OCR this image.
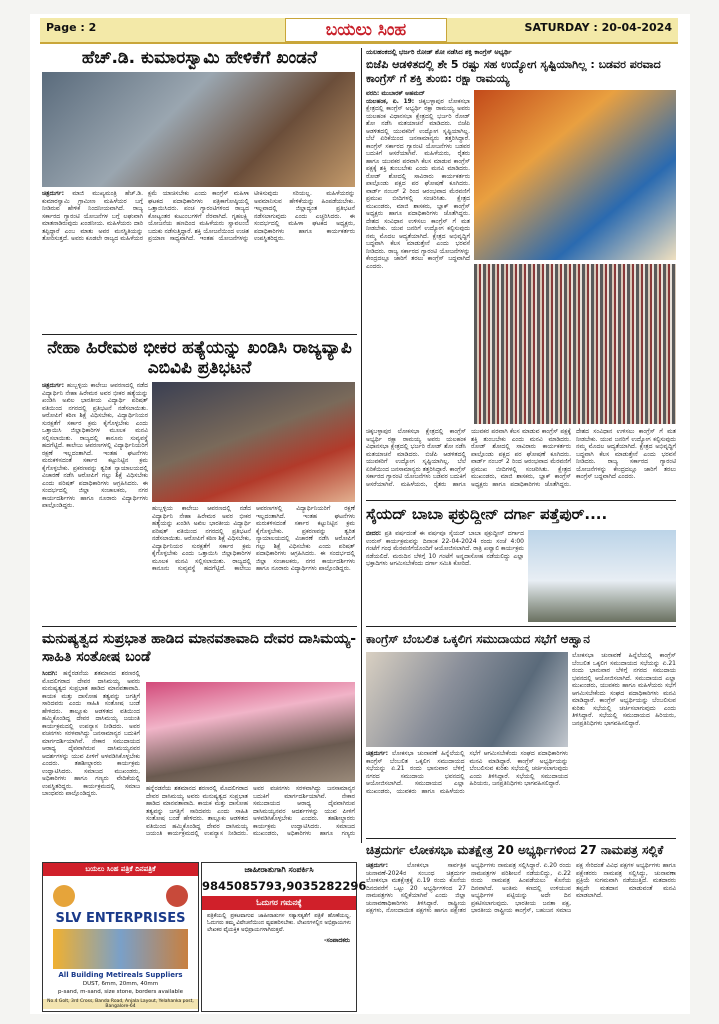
Page : 2	ಬಯಲು ಸಿಂಹ	SATURDAY : 20-04-2024
ಹೆಚ್.ಡಿ. ಕುಮಾರಸ್ವಾಮಿ ಹೇಳಿಕೆಗೆ ಖಂಡನೆ
ಚಿತ್ರದುರ್ಗ: ಮಾಜಿ ಮುಖ್ಯಮಂತ್ರಿ ಹೆಚ್.ಡಿ. ಕುಮಾರಸ್ವಾಮಿ ಗ್ರಾಮೀಣ ಮಹಿಳೆಯರ ಬಗ್ಗೆ ನೀಡಿರುವ ಹೇಳಿಕೆ ನಿಂದನೀಯವಾಗಿದೆ. ರಾಜ್ಯ ಸರ್ಕಾರದ ಗ್ಯಾರಂಟಿ ಯೋಜನೆಗಳ ಬಗ್ಗೆ ಲಘುವಾಗಿ ಮಾತನಾಡಿರುವುದು ಖಂಡನೀಯ. ಮಹಿಳೆಯರು ದಾರಿ ತಪ್ಪಿದ್ದಾರೆ ಎಂಬ ಮಾತು ಅವರ ಮನಸ್ಥಿತಿಯನ್ನು ತೋರಿಸುತ್ತದೆ. ಅವರು ಕೂಡಲೇ ರಾಜ್ಯದ ಮಹಿಳೆಯರ ಕ್ಷಮೆ ಯಾಚಿಸಬೇಕು ಎಂದು ಕಾಂಗ್ರೆಸ್ ಮಹಿಳಾ ಘಟಕದ ಪದಾಧಿಕಾರಿಗಳು ಪತ್ರಿಕಾಗೋಷ್ಠಿಯಲ್ಲಿ ಒತ್ತಾಯಿಸಿದರು. ಪಂಚ ಗ್ಯಾರಂಟಿಗಳಿಂದ ರಾಜ್ಯದ ಕೋಟ್ಯಂತರ ಕುಟುಂಬಗಳಿಗೆ ನೆರವಾಗಿದೆ. ಗೃಹಲಕ್ಷ್ಮಿ ಯೋಜನೆಯ ಹಣದಿಂದ ಮಹಿಳೆಯರು ಸ್ವಾವಲಂಬಿ ಬದುಕು ನಡೆಸುತ್ತಿದ್ದಾರೆ. ಶಕ್ತಿ ಯೋಜನೆಯಿಂದ ಉಚಿತ ಪ್ರಯಾಣ ಸಾಧ್ಯವಾಗಿದೆ. ಇಂತಹ ಯೋಜನೆಗಳನ್ನು ಟೀಕಿಸುವುದು ಸರಿಯಲ್ಲ. ಮಹಿಳೆಯರನ್ನು ಅವಮಾನಿಸುವ ಹೇಳಿಕೆಯನ್ನು ಹಿಂಪಡೆಯಬೇಕು. ಇಲ್ಲವಾದಲ್ಲಿ ಜಿಲ್ಲಾದ್ಯಂತ ಪ್ರತಿಭಟನೆ ನಡೆಸಲಾಗುವುದು ಎಂದು ಎಚ್ಚರಿಸಿದರು. ಈ ಸಂದರ್ಭದಲ್ಲಿ ಮಹಿಳಾ ಘಟಕದ ಅಧ್ಯಕ್ಷರು, ಪದಾಧಿಕಾರಿಗಳು ಹಾಗೂ ಕಾರ್ಯಕರ್ತರು ಉಪಸ್ಥಿತರಿದ್ದರು.
ನೇಹಾ ಹಿರೇಮಠ ಭೀಕರ ಹತ್ಯೆಯನ್ನು ಖಂಡಿಸಿ ರಾಜ್ಯವ್ಯಾಪಿ ಎಬಿವಿಪಿ ಪ್ರತಿಭಟನೆ
ಚಿತ್ರದುರ್ಗ: ಹುಬ್ಬಳ್ಳಿಯ ಕಾಲೇಜು ಆವರಣದಲ್ಲಿ ನಡೆದ ವಿದ್ಯಾರ್ಥಿನಿ ನೇಹಾ ಹಿರೇಮಠ ಅವರ ಭೀಕರ ಹತ್ಯೆಯನ್ನು ಖಂಡಿಸಿ ಅಖಿಲ ಭಾರತೀಯ ವಿದ್ಯಾರ್ಥಿ ಪರಿಷತ್ ವತಿಯಿಂದ ನಗರದಲ್ಲಿ ಪ್ರತಿಭಟನೆ ನಡೆಸಲಾಯಿತು. ಆರೋಪಿಗೆ ಕಠಿಣ ಶಿಕ್ಷೆ ವಿಧಿಸಬೇಕು, ವಿದ್ಯಾರ್ಥಿನಿಯರ ಸುರಕ್ಷತೆಗೆ ಸರ್ಕಾರ ಕ್ರಮ ಕೈಗೊಳ್ಳಬೇಕು ಎಂದು ಒತ್ತಾಯಿಸಿ ಜಿಲ್ಲಾಧಿಕಾರಿಗಳ ಮೂಲಕ ಮನವಿ ಸಲ್ಲಿಸಲಾಯಿತು. ರಾಜ್ಯದಲ್ಲಿ ಕಾನೂನು ಸುವ್ಯವಸ್ಥೆ ಹದಗೆಟ್ಟಿದೆ. ಕಾಲೇಜು ಆವರಣಗಳಲ್ಲಿ ವಿದ್ಯಾರ್ಥಿನಿಯರಿಗೆ ರಕ್ಷಣೆ ಇಲ್ಲದಂತಾಗಿದೆ. ಇಂತಹ ಘಟನೆಗಳು ಮರುಕಳಿಸದಂತೆ ಸರ್ಕಾರ ಕಟ್ಟುನಿಟ್ಟಿನ ಕ್ರಮ ಕೈಗೊಳ್ಳಬೇಕು. ಪ್ರಕರಣವನ್ನು ತ್ವರಿತ ನ್ಯಾಯಾಲಯದಲ್ಲಿ ವಿಚಾರಣೆ ನಡೆಸಿ ಆರೋಪಿಗೆ ಗಲ್ಲು ಶಿಕ್ಷೆ ವಿಧಿಸಬೇಕು ಎಂದು ಪರಿಷತ್ ಪದಾಧಿಕಾರಿಗಳು ಆಗ್ರಹಿಸಿದರು. ಈ ಸಂದರ್ಭದಲ್ಲಿ ಜಿಲ್ಲಾ ಸಂಚಾಲಕರು, ನಗರ ಕಾರ್ಯದರ್ಶಿಗಳು ಹಾಗೂ ನೂರಾರು ವಿದ್ಯಾರ್ಥಿಗಳು ಪಾಲ್ಗೊಂಡಿದ್ದರು.	ಹುಬ್ಬಳ್ಳಿಯ ಕಾಲೇಜು ಆವರಣದಲ್ಲಿ ನಡೆದ ವಿದ್ಯಾರ್ಥಿನಿ ನೇಹಾ ಹಿರೇಮಠ ಅವರ ಭೀಕರ ಹತ್ಯೆಯನ್ನು ಖಂಡಿಸಿ ಅಖಿಲ ಭಾರತೀಯ ವಿದ್ಯಾರ್ಥಿ ಪರಿಷತ್ ವತಿಯಿಂದ ನಗರದಲ್ಲಿ ಪ್ರತಿಭಟನೆ ನಡೆಸಲಾಯಿತು. ಆರೋಪಿಗೆ ಕಠಿಣ ಶಿಕ್ಷೆ ವಿಧಿಸಬೇಕು, ವಿದ್ಯಾರ್ಥಿನಿಯರ ಸುರಕ್ಷತೆಗೆ ಸರ್ಕಾರ ಕ್ರಮ ಕೈಗೊಳ್ಳಬೇಕು ಎಂದು ಒತ್ತಾಯಿಸಿ ಜಿಲ್ಲಾಧಿಕಾರಿಗಳ ಮೂಲಕ ಮನವಿ ಸಲ್ಲಿಸಲಾಯಿತು. ರಾಜ್ಯದಲ್ಲಿ ಕಾನೂನು ಸುವ್ಯವಸ್ಥೆ ಹದಗೆಟ್ಟಿದೆ. ಕಾಲೇಜು ಆವರಣಗಳಲ್ಲಿ ವಿದ್ಯಾರ್ಥಿನಿಯರಿಗೆ ರಕ್ಷಣೆ ಇಲ್ಲದಂತಾಗಿದೆ. ಇಂತಹ ಘಟನೆಗಳು ಮರುಕಳಿಸದಂತೆ ಸರ್ಕಾರ ಕಟ್ಟುನಿಟ್ಟಿನ ಕ್ರಮ ಕೈಗೊಳ್ಳಬೇಕು. ಪ್ರಕರಣವನ್ನು ತ್ವರಿತ ನ್ಯಾಯಾಲಯದಲ್ಲಿ ವಿಚಾರಣೆ ನಡೆಸಿ ಆರೋಪಿಗೆ ಗಲ್ಲು ಶಿಕ್ಷೆ ವಿಧಿಸಬೇಕು ಎಂದು ಪರಿಷತ್ ಪದಾಧಿಕಾರಿಗಳು ಆಗ್ರಹಿಸಿದರು. ಈ ಸಂದರ್ಭದಲ್ಲಿ ಜಿಲ್ಲಾ ಸಂಚಾಲಕರು, ನಗರ ಕಾರ್ಯದರ್ಶಿಗಳು ಹಾಗೂ ನೂರಾರು ವಿದ್ಯಾರ್ಥಿಗಳು ಪಾಲ್ಗೊಂಡಿದ್ದರು.
ಮನುಷ್ಯತ್ವದ ಸುಪ್ರಭಾತ ಹಾಡಿದ ಮಾನವತಾವಾದಿ ದೇವರ ದಾಸಿಮಯ್ಯ-ಸಾಹಿತಿ ಸಂತೋಷ ಬಂಡೆ
ಸಿಂದಗಿ: ಹನ್ನೆರಡನೆಯ ಶತಮಾನದ ಶರಣರಲ್ಲಿ ಮೊದಲಿಗರಾದ ದೇವರ ದಾಸಿಮಯ್ಯ ಅವರು ಮನುಷ್ಯತ್ವದ ಸುಪ್ರಭಾತ ಹಾಡಿದ ಮಾನವತಾವಾದಿ. ಕಾಯಕ ಮತ್ತು ದಾಸೋಹ ತತ್ವವನ್ನು ಜಗತ್ತಿಗೆ ಸಾರಿದವರು ಎಂದು ಸಾಹಿತಿ ಸಂತೋಷ ಬಂಡೆ ಹೇಳಿದರು. ತಾಲ್ಲೂಕು ಆಡಳಿತದ ವತಿಯಿಂದ ಹಮ್ಮಿಕೊಂಡಿದ್ದ ದೇವರ ದಾಸಿಮಯ್ಯ ಜಯಂತಿ ಕಾರ್ಯಕ್ರಮದಲ್ಲಿ ಉಪನ್ಯಾಸ ನೀಡಿದರು. ಅವರ ವಚನಗಳು ಸರಳವಾಗಿದ್ದು ಜನಸಾಮಾನ್ಯರ ಬದುಕಿಗೆ ಮಾರ್ಗದರ್ಶಿಯಾಗಿವೆ. ನೇಕಾರ ಸಮುದಾಯದ ಆರಾಧ್ಯ ದೈವವಾಗಿರುವ ದಾಸಿಮಯ್ಯನವರ ಆದರ್ಶಗಳನ್ನು ಯುವ ಪೀಳಿಗೆ ಅಳವಡಿಸಿಕೊಳ್ಳಬೇಕು ಎಂದರು. ತಹಶೀಲ್ದಾರರು ಕಾರ್ಯಕ್ರಮ ಉದ್ಘಾಟಿಸಿದರು. ಸಮಾಜದ ಮುಖಂಡರು, ಅಧಿಕಾರಿಗಳು ಹಾಗೂ ಗಣ್ಯರು ವೇದಿಕೆಯಲ್ಲಿ ಉಪಸ್ಥಿತರಿದ್ದರು. ಕಾರ್ಯಕ್ರಮದಲ್ಲಿ ಸಮಾಜ ಬಾಂಧವರು ಪಾಲ್ಗೊಂಡಿದ್ದರು.
ಹನ್ನೆರಡನೆಯ ಶತಮಾನದ ಶರಣರಲ್ಲಿ ಮೊದಲಿಗರಾದ ದೇವರ ದಾಸಿಮಯ್ಯ ಅವರು ಮನುಷ್ಯತ್ವದ ಸುಪ್ರಭಾತ ಹಾಡಿದ ಮಾನವತಾವಾದಿ. ಕಾಯಕ ಮತ್ತು ದಾಸೋಹ ತತ್ವವನ್ನು ಜಗತ್ತಿಗೆ ಸಾರಿದವರು ಎಂದು ಸಾಹಿತಿ ಸಂತೋಷ ಬಂಡೆ ಹೇಳಿದರು. ತಾಲ್ಲೂಕು ಆಡಳಿತದ ವತಿಯಿಂದ ಹಮ್ಮಿಕೊಂಡಿದ್ದ ದೇವರ ದಾಸಿಮಯ್ಯ ಜಯಂತಿ ಕಾರ್ಯಕ್ರಮದಲ್ಲಿ ಉಪನ್ಯಾಸ ನೀಡಿದರು. ಅವರ ವಚನಗಳು ಸರಳವಾಗಿದ್ದು ಜನಸಾಮಾನ್ಯರ ಬದುಕಿಗೆ ಮಾರ್ಗದರ್ಶಿಯಾಗಿವೆ. ನೇಕಾರ ಸಮುದಾಯದ ಆರಾಧ್ಯ ದೈವವಾಗಿರುವ ದಾಸಿಮಯ್ಯನವರ ಆದರ್ಶಗಳನ್ನು ಯುವ ಪೀಳಿಗೆ ಅಳವಡಿಸಿಕೊಳ್ಳಬೇಕು ಎಂದರು. ತಹಶೀಲ್ದಾರರು ಕಾರ್ಯಕ್ರಮ ಉದ್ಘಾಟಿಸಿದರು. ಸಮಾಜದ ಮುಖಂಡರು, ಅಧಿಕಾರಿಗಳು ಹಾಗೂ ಗಣ್ಯರು
ಯಲಹಂಕದಲ್ಲಿ ಭರ್ಜರಿ ರೋಡ್ ಶೋ ನಡೆಸಿದ ಶಕ್ತಿ ಕಾಂಗ್ರೆಸ್ ಅಭ್ಯರ್ಥಿ
ಬಿಜೆಪಿ ಆಡಳಿತದಲ್ಲಿ ಶೇ 5 ರಷ್ಟು ಸಹ ಉದ್ಯೋಗ ಸೃಷ್ಟಿಯಾಗಿಲ್ಲ : ಬಡವರ ಪರವಾದ ಕಾಂಗ್ರೆಸ್ ಗೆ ಶಕ್ತಿ ತುಂಬಿ: ರಕ್ಷಾ ರಾಮಯ್ಯ
ವರದಿ: ಮುಬಾರಕ್ ಅಹಮದ್
ಯಲಹಂಕ, ಏ. 19: ಚಿಕ್ಕಬಳ್ಳಾಪುರ ಲೋಕಸಭಾ ಕ್ಷೇತ್ರದಲ್ಲಿ ಕಾಂಗ್ರೆಸ್ ಅಭ್ಯರ್ಥಿ ರಕ್ಷಾ ರಾಮಯ್ಯ ಅವರು ಯಲಹಂಕ ವಿಧಾನಸಭಾ ಕ್ಷೇತ್ರದಲ್ಲಿ ಭರ್ಜರಿ ರೋಡ್ ಶೋ ನಡೆಸಿ ಮತಯಾಚನೆ ಮಾಡಿದರು. ಬಿಜೆಪಿ ಆಡಳಿತದಲ್ಲಿ ಯುವಕರಿಗೆ ಉದ್ಯೋಗ ಸೃಷ್ಟಿಯಾಗಿಲ್ಲ. ಬೆಲೆ ಏರಿಕೆಯಿಂದ ಜನಸಾಮಾನ್ಯರು ತತ್ತರಿಸಿದ್ದಾರೆ. ಕಾಂಗ್ರೆಸ್ ಸರ್ಕಾರದ ಗ್ಯಾರಂಟಿ ಯೋಜನೆಗಳು ಬಡವರ ಬದುಕಿಗೆ ಆಸರೆಯಾಗಿವೆ. ಮಹಿಳೆಯರು, ರೈತರು ಹಾಗೂ ಯುವಕರ ಪರವಾಗಿ ಕೆಲಸ ಮಾಡುವ ಕಾಂಗ್ರೆಸ್ ಪಕ್ಷಕ್ಕೆ ಶಕ್ತಿ ತುಂಬಬೇಕು ಎಂದು ಮನವಿ ಮಾಡಿದರು. ರೋಡ್ ಶೋದಲ್ಲಿ ಸಾವಿರಾರು ಕಾರ್ಯಕರ್ತರು ಪಾಲ್ಗೊಂಡು ಪಕ್ಷದ ಪರ ಘೋಷಣೆ ಕೂಗಿದರು. ವಾರ್ಡ್ ನಂಬರ್ 2 ರಿಂದ ಆರಂಭವಾದ ಮೆರವಣಿಗೆ ಪ್ರಮುಖ ಬೀದಿಗಳಲ್ಲಿ ಸಂಚರಿಸಿತು. ಕ್ಷೇತ್ರದ ಮುಖಂಡರು, ಮಾಜಿ ಶಾಸಕರು, ಬ್ಲಾಕ್ ಕಾಂಗ್ರೆಸ್ ಅಧ್ಯಕ್ಷರು ಹಾಗೂ ಪದಾಧಿಕಾರಿಗಳು ಜೊತೆಗಿದ್ದರು. ದೇಶದ ಸಂವಿಧಾನ ಉಳಿಸಲು ಕಾಂಗ್ರೆಸ್ ಗೆ ಮತ ನೀಡಬೇಕು. ಯುವ ಜನರಿಗೆ ಉದ್ಯೋಗ ಕಲ್ಪಿಸುವುದು ನಮ್ಮ ಮೊದಲ ಆದ್ಯತೆಯಾಗಿದೆ. ಕ್ಷೇತ್ರದ ಅಭಿವೃದ್ಧಿಗೆ ಬದ್ಧವಾಗಿ ಕೆಲಸ ಮಾಡುತ್ತೇನೆ ಎಂದು ಭರವಸೆ ನೀಡಿದರು. ರಾಜ್ಯ ಸರ್ಕಾರದ ಗ್ಯಾರಂಟಿ ಯೋಜನೆಗಳನ್ನು ಕೇಂದ್ರದಲ್ಲೂ ಜಾರಿಗೆ ತರಲು ಕಾಂಗ್ರೆಸ್ ಬದ್ಧವಾಗಿದೆ ಎಂದರು.
ಚಿಕ್ಕಬಳ್ಳಾಪುರ ಲೋಕಸಭಾ ಕ್ಷೇತ್ರದಲ್ಲಿ ಕಾಂಗ್ರೆಸ್ ಅಭ್ಯರ್ಥಿ ರಕ್ಷಾ ರಾಮಯ್ಯ ಅವರು ಯಲಹಂಕ ವಿಧಾನಸಭಾ ಕ್ಷೇತ್ರದಲ್ಲಿ ಭರ್ಜರಿ ರೋಡ್ ಶೋ ನಡೆಸಿ ಮತಯಾಚನೆ ಮಾಡಿದರು. ಬಿಜೆಪಿ ಆಡಳಿತದಲ್ಲಿ ಯುವಕರಿಗೆ ಉದ್ಯೋಗ ಸೃಷ್ಟಿಯಾಗಿಲ್ಲ. ಬೆಲೆ ಏರಿಕೆಯಿಂದ ಜನಸಾಮಾನ್ಯರು ತತ್ತರಿಸಿದ್ದಾರೆ. ಕಾಂಗ್ರೆಸ್ ಸರ್ಕಾರದ ಗ್ಯಾರಂಟಿ ಯೋಜನೆಗಳು ಬಡವರ ಬದುಕಿಗೆ ಆಸರೆಯಾಗಿವೆ. ಮಹಿಳೆಯರು, ರೈತರು ಹಾಗೂ ಯುವಕರ ಪರವಾಗಿ ಕೆಲಸ ಮಾಡುವ ಕಾಂಗ್ರೆಸ್ ಪಕ್ಷಕ್ಕೆ ಶಕ್ತಿ ತುಂಬಬೇಕು ಎಂದು ಮನವಿ ಮಾಡಿದರು. ರೋಡ್ ಶೋದಲ್ಲಿ ಸಾವಿರಾರು ಕಾರ್ಯಕರ್ತರು ಪಾಲ್ಗೊಂಡು ಪಕ್ಷದ ಪರ ಘೋಷಣೆ ಕೂಗಿದರು. ವಾರ್ಡ್ ನಂಬರ್ 2 ರಿಂದ ಆರಂಭವಾದ ಮೆರವಣಿಗೆ ಪ್ರಮುಖ ಬೀದಿಗಳಲ್ಲಿ ಸಂಚರಿಸಿತು. ಕ್ಷೇತ್ರದ ಮುಖಂಡರು, ಮಾಜಿ ಶಾಸಕರು, ಬ್ಲಾಕ್ ಕಾಂಗ್ರೆಸ್ ಅಧ್ಯಕ್ಷರು ಹಾಗೂ ಪದಾಧಿಕಾರಿಗಳು ಜೊತೆಗಿದ್ದರು. ದೇಶದ ಸಂವಿಧಾನ ಉಳಿಸಲು ಕಾಂಗ್ರೆಸ್ ಗೆ ಮತ ನೀಡಬೇಕು. ಯುವ ಜನರಿಗೆ ಉದ್ಯೋಗ ಕಲ್ಪಿಸುವುದು ನಮ್ಮ ಮೊದಲ ಆದ್ಯತೆಯಾಗಿದೆ. ಕ್ಷೇತ್ರದ ಅಭಿವೃದ್ಧಿಗೆ ಬದ್ಧವಾಗಿ ಕೆಲಸ ಮಾಡುತ್ತೇನೆ ಎಂದು ಭರವಸೆ ನೀಡಿದರು. ರಾಜ್ಯ ಸರ್ಕಾರದ ಗ್ಯಾರಂಟಿ ಯೋಜನೆಗಳನ್ನು ಕೇಂದ್ರದಲ್ಲೂ ಜಾರಿಗೆ ತರಲು ಕಾಂಗ್ರೆಸ್ ಬದ್ಧವಾಗಿದೆ ಎಂದರು.
ಸೈಯದ್ ಬಾಬಾ ಫಕ್ರುದ್ದೀನ್ ದರ್ಗಾ ಪತ್ತೆಪುರ್....
ಬೀದರ: ಪ್ರತಿ ವರ್ಷದಂತೆ ಈ ವರ್ಷವೂ ಸೈಯದ್ ಬಾಬಾ ಫಕ್ರುದ್ದೀನ್ ದರ್ಗಾದ ಉರುಸ್ ಕಾರ್ಯಕ್ರಮವನ್ನು ದಿನಾಂಕ 22-04-2024 ರಂದು ಸಂಜೆ 4:00 ಗಂಟೆಗೆ ಗಂಧ ಮೆರವಣಿಗೆಯೊಂದಿಗೆ ಆಯೋಜಿಸಲಾಗಿದೆ. ರಾತ್ರಿ ಖವ್ವಾಲಿ ಕಾರ್ಯಕ್ರಮ ನಡೆಯಲಿದೆ. ಮರುದಿನ ಬೆಳಿಗ್ಗೆ 10 ಗಂಟೆಗೆ ಅನ್ನದಾಸೋಹ ನಡೆಯಲಿದ್ದು ಎಲ್ಲಾ ಭಕ್ತಾದಿಗಳು ಆಗಮಿಸಬೇಕೆಂದು ದರ್ಗಾ ಸಮಿತಿ ಕೋರಿದೆ.
ಕಾಂಗ್ರೆಸ್ ಬೆಂಬಲಿತ ಒಕ್ಕಲಿಗ ಸಮುದಾಯದ ಸಭೆಗೆ ಆಹ್ವಾನ
ಲೋಕಸಭಾ ಚುನಾವಣೆ ಹಿನ್ನೆಲೆಯಲ್ಲಿ ಕಾಂಗ್ರೆಸ್ ಬೆಂಬಲಿತ ಒಕ್ಕಲಿಗ ಸಮುದಾಯದ ಸಭೆಯನ್ನು ಏ.21 ರಂದು ಭಾನುವಾರ ಬೆಳಿಗ್ಗೆ ನಗರದ ಸಮುದಾಯ ಭವನದಲ್ಲಿ ಆಯೋಜಿಸಲಾಗಿದೆ. ಸಮುದಾಯದ ಎಲ್ಲಾ ಮುಖಂಡರು, ಯುವಕರು ಹಾಗೂ ಮಹಿಳೆಯರು ಸಭೆಗೆ ಆಗಮಿಸಬೇಕೆಂದು ಸಂಘದ ಪದಾಧಿಕಾರಿಗಳು ಮನವಿ ಮಾಡಿದ್ದಾರೆ. ಕಾಂಗ್ರೆಸ್ ಅಭ್ಯರ್ಥಿಯನ್ನು ಬೆಂಬಲಿಸುವ ಕುರಿತು ಸಭೆಯಲ್ಲಿ ಚರ್ಚಿಸಲಾಗುವುದು ಎಂದು ತಿಳಿಸಿದ್ದಾರೆ. ಸಭೆಯಲ್ಲಿ ಸಮುದಾಯದ ಹಿರಿಯರು, ಜನಪ್ರತಿನಿಧಿಗಳು ಭಾಗವಹಿಸಲಿದ್ದಾರೆ.
ಚಿತ್ರದುರ್ಗ: ಲೋಕಸಭಾ ಚುನಾವಣೆ ಹಿನ್ನೆಲೆಯಲ್ಲಿ ಕಾಂಗ್ರೆಸ್ ಬೆಂಬಲಿತ ಒಕ್ಕಲಿಗ ಸಮುದಾಯದ ಸಭೆಯನ್ನು ಏ.21 ರಂದು ಭಾನುವಾರ ಬೆಳಿಗ್ಗೆ ನಗರದ ಸಮುದಾಯ ಭವನದಲ್ಲಿ ಆಯೋಜಿಸಲಾಗಿದೆ. ಸಮುದಾಯದ ಎಲ್ಲಾ ಮುಖಂಡರು, ಯುವಕರು ಹಾಗೂ ಮಹಿಳೆಯರು ಸಭೆಗೆ ಆಗಮಿಸಬೇಕೆಂದು ಸಂಘದ ಪದಾಧಿಕಾರಿಗಳು ಮನವಿ ಮಾಡಿದ್ದಾರೆ. ಕಾಂಗ್ರೆಸ್ ಅಭ್ಯರ್ಥಿಯನ್ನು ಬೆಂಬಲಿಸುವ ಕುರಿತು ಸಭೆಯಲ್ಲಿ ಚರ್ಚಿಸಲಾಗುವುದು ಎಂದು ತಿಳಿಸಿದ್ದಾರೆ. ಸಭೆಯಲ್ಲಿ ಸಮುದಾಯದ ಹಿರಿಯರು, ಜನಪ್ರತಿನಿಧಿಗಳು ಭಾಗವಹಿಸಲಿದ್ದಾರೆ.
ಚಿತ್ರದುರ್ಗ ಲೋಕಸಭಾ ಮತಕ್ಷೇತ್ರ 20 ಅಭ್ಯರ್ಥಿಗಳಿಂದ 27 ನಾಮಪತ್ರ ಸಲ್ಲಿಕೆ
ಚಿತ್ರದುರ್ಗ:	ಲೋಕಸಭಾ ಸಾರ್ವತ್ರಿಕ ಚುನಾವಣೆ-2024ರ ಸಂಬಂಧ ಚಿತ್ರದುರ್ಗ ಲೋಕಸಭಾ ಮತಕ್ಷೇತ್ರಕ್ಕೆ ಏ.19 ರಂದು ಕೊನೆಯ ದಿನದವರೆಗೆ ಒಟ್ಟು 20 ಅಭ್ಯರ್ಥಿಗಳಿಂದ 27 ನಾಮಪತ್ರಗಳು ಸಲ್ಲಿಕೆಯಾಗಿವೆ ಎಂದು ಜಿಲ್ಲಾ ಚುನಾವಣಾಧಿಕಾರಿಗಳು ತಿಳಿಸಿದ್ದಾರೆ. ರಾಷ್ಟ್ರೀಯ ಪಕ್ಷಗಳು, ನೋಂದಾಯಿತ ಪಕ್ಷಗಳು ಹಾಗೂ ಪಕ್ಷೇತರ ಅಭ್ಯರ್ಥಿಗಳು ನಾಮಪತ್ರ ಸಲ್ಲಿಸಿದ್ದಾರೆ. ಏ.20 ರಂದು ನಾಮಪತ್ರಗಳ ಪರಿಶೀಲನೆ ನಡೆಯಲಿದ್ದು, ಏ.22 ರಂದು ನಾಮಪತ್ರ ಹಿಂಪಡೆಯಲು ಕೊನೆಯ ದಿನವಾಗಿದೆ. ಅಂತಿಮ ಕಣದಲ್ಲಿ ಉಳಿಯುವ ಅಭ್ಯರ್ಥಿಗಳ ಪಟ್ಟಿಯನ್ನು ಅದೇ ದಿನ ಪ್ರಕಟಿಸಲಾಗುವುದು. ಭಾರತೀಯ ಜನತಾ ಪಕ್ಷ, ಭಾರತೀಯ ರಾಷ್ಟ್ರೀಯ ಕಾಂಗ್ರೆಸ್, ಬಹುಜನ ಸಮಾಜ ಪಕ್ಷ ಸೇರಿದಂತೆ ವಿವಿಧ ಪಕ್ಷಗಳ ಅಭ್ಯರ್ಥಿಗಳು ಹಾಗೂ ಪಕ್ಷೇತರರು ನಾಮಪತ್ರ ಸಲ್ಲಿಸಿದ್ದು, ಚುನಾವಣಾ ಪ್ರಕ್ರಿಯೆ ಸುಗಮವಾಗಿ ನಡೆಯುತ್ತಿದೆ. ಮತದಾರರು ತಪ್ಪದೇ ಮತದಾನ ಮಾಡುವಂತೆ ಮನವಿ ಮಾಡಲಾಗಿದೆ.
ಬಯಲು ಸಿಂಹ ಪತ್ರಿಕೆ ದಿನಪತ್ರಿಕೆ
SLV ENTERPRISES
All Building Metireals Suppliers
DUST, 6mm, 20mm, 40mm
p-sand, m-sand, size stone, borders available
No.4 Golt, 3rd Cross, Banda Road, Anjala Layout, Yelahanka post, Bangalore-64
ಜಾಹೀರಾತುಗಾಗಿ ಸಂಪರ್ಕಿಸಿ
9845085793,9035282296
ಓದುಗರ ಗಮನಕ್ಕೆ
ಪತ್ರಿಕೆಯಲ್ಲಿ ಪ್ರಕಟವಾಗುವ ಜಾಹೀರಾತುಗಳ ಸತ್ಯಾಸತ್ಯತೆಗೆ ಪತ್ರಿಕೆ ಹೊಣೆಯಲ್ಲ. ಓದುಗರು ತಮ್ಮ ವಿವೇಚನೆಯಿಂದ ವ್ಯವಹರಿಸಬೇಕು. ಲೇಖನಗಳಲ್ಲಿನ ಅಭಿಪ್ರಾಯಗಳು ಲೇಖಕರ ವೈಯಕ್ತಿಕ ಅಭಿಪ್ರಾಯಗಳಾಗಿರುತ್ತವೆ.
-ಸಂಪಾದಕರು
